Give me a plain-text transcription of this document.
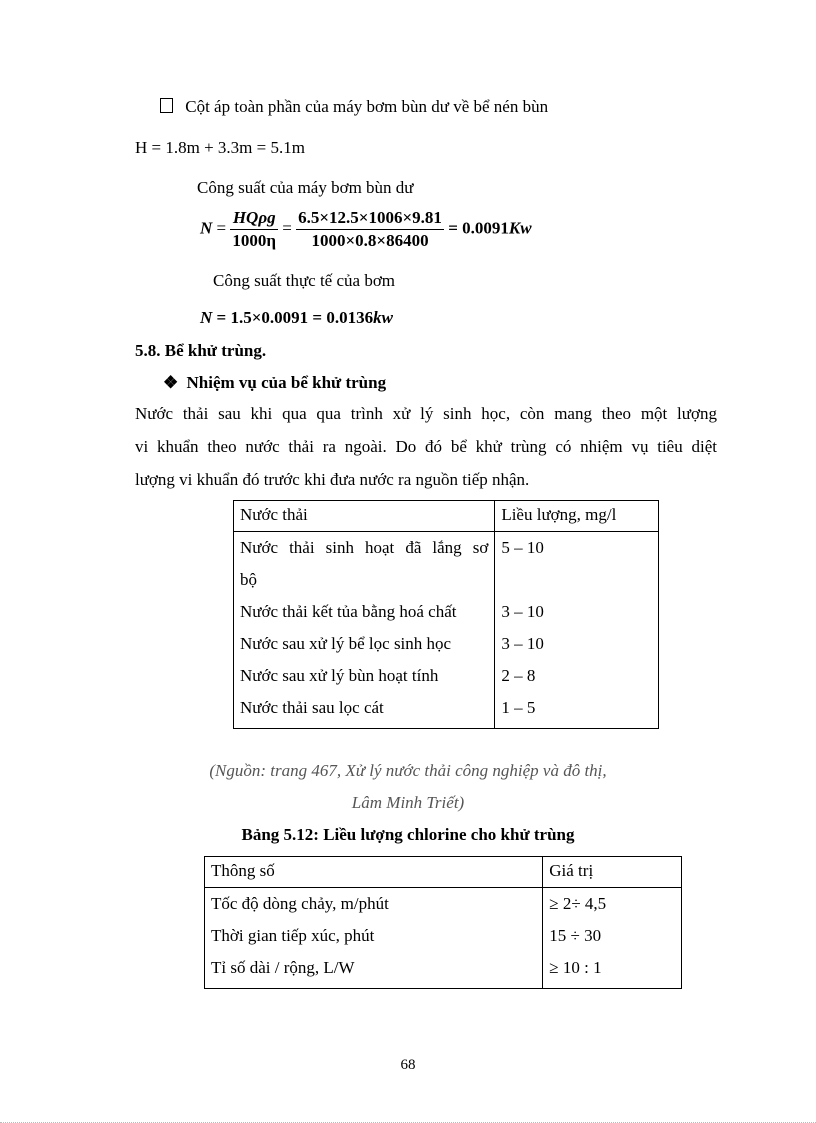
Cột áp toàn phần của máy bơm bùn dư về bể nén bùn
H = 1.8m + 3.3m = 5.1m
Công suất của máy bơm bùn dư
$N = \frac{\text{HQρg}}{1000\eta} = \frac{6.5\times 12.5\times 1006\times 9.81}{1000\times 0.8\times 86400} = 0.0091Kw$
Công suất thực tế của bơm
N = 1.5×0.0091 = 0.0136kw
5.8. Bể khử trùng.
❖ Nhiệm vụ của bể khử trùng
Nước thải sau khi qua qua trình xử lý sinh học, còn mang theo một lượng
vi khuẩn theo nước thải ra ngoài. Do đó bể khử trùng có nhiệm vụ tiêu diệt
lượng vi khuẩn đó trước khi đưa nước ra nguồn tiếp nhận.
Nước thải	Liều lượng, mg/l
Nước thải sinh hoạt đã lắng sơ	5 – 10
bộ	
Nước thải kết tủa bằng hoá chất	3 – 10
Nước sau xử lý bể lọc sinh học	3 – 10
Nước sau xử lý bùn hoạt tính	2 – 8
Nước thải sau lọc cát	1 – 5
(Nguồn: trang 467, Xử lý nước thải công nghiệp và đô thị,
Lâm Minh Triết)
Bảng 5.12: Liều lượng chlorine cho khử trùng
Thông số	Giá trị
Tốc độ dòng chảy, m/phút	≥ 2÷ 4,5
Thời gian tiếp xúc, phút	15 ÷ 30
Tỉ số dài / rộng, L/W	≥ 10 : 1
68
